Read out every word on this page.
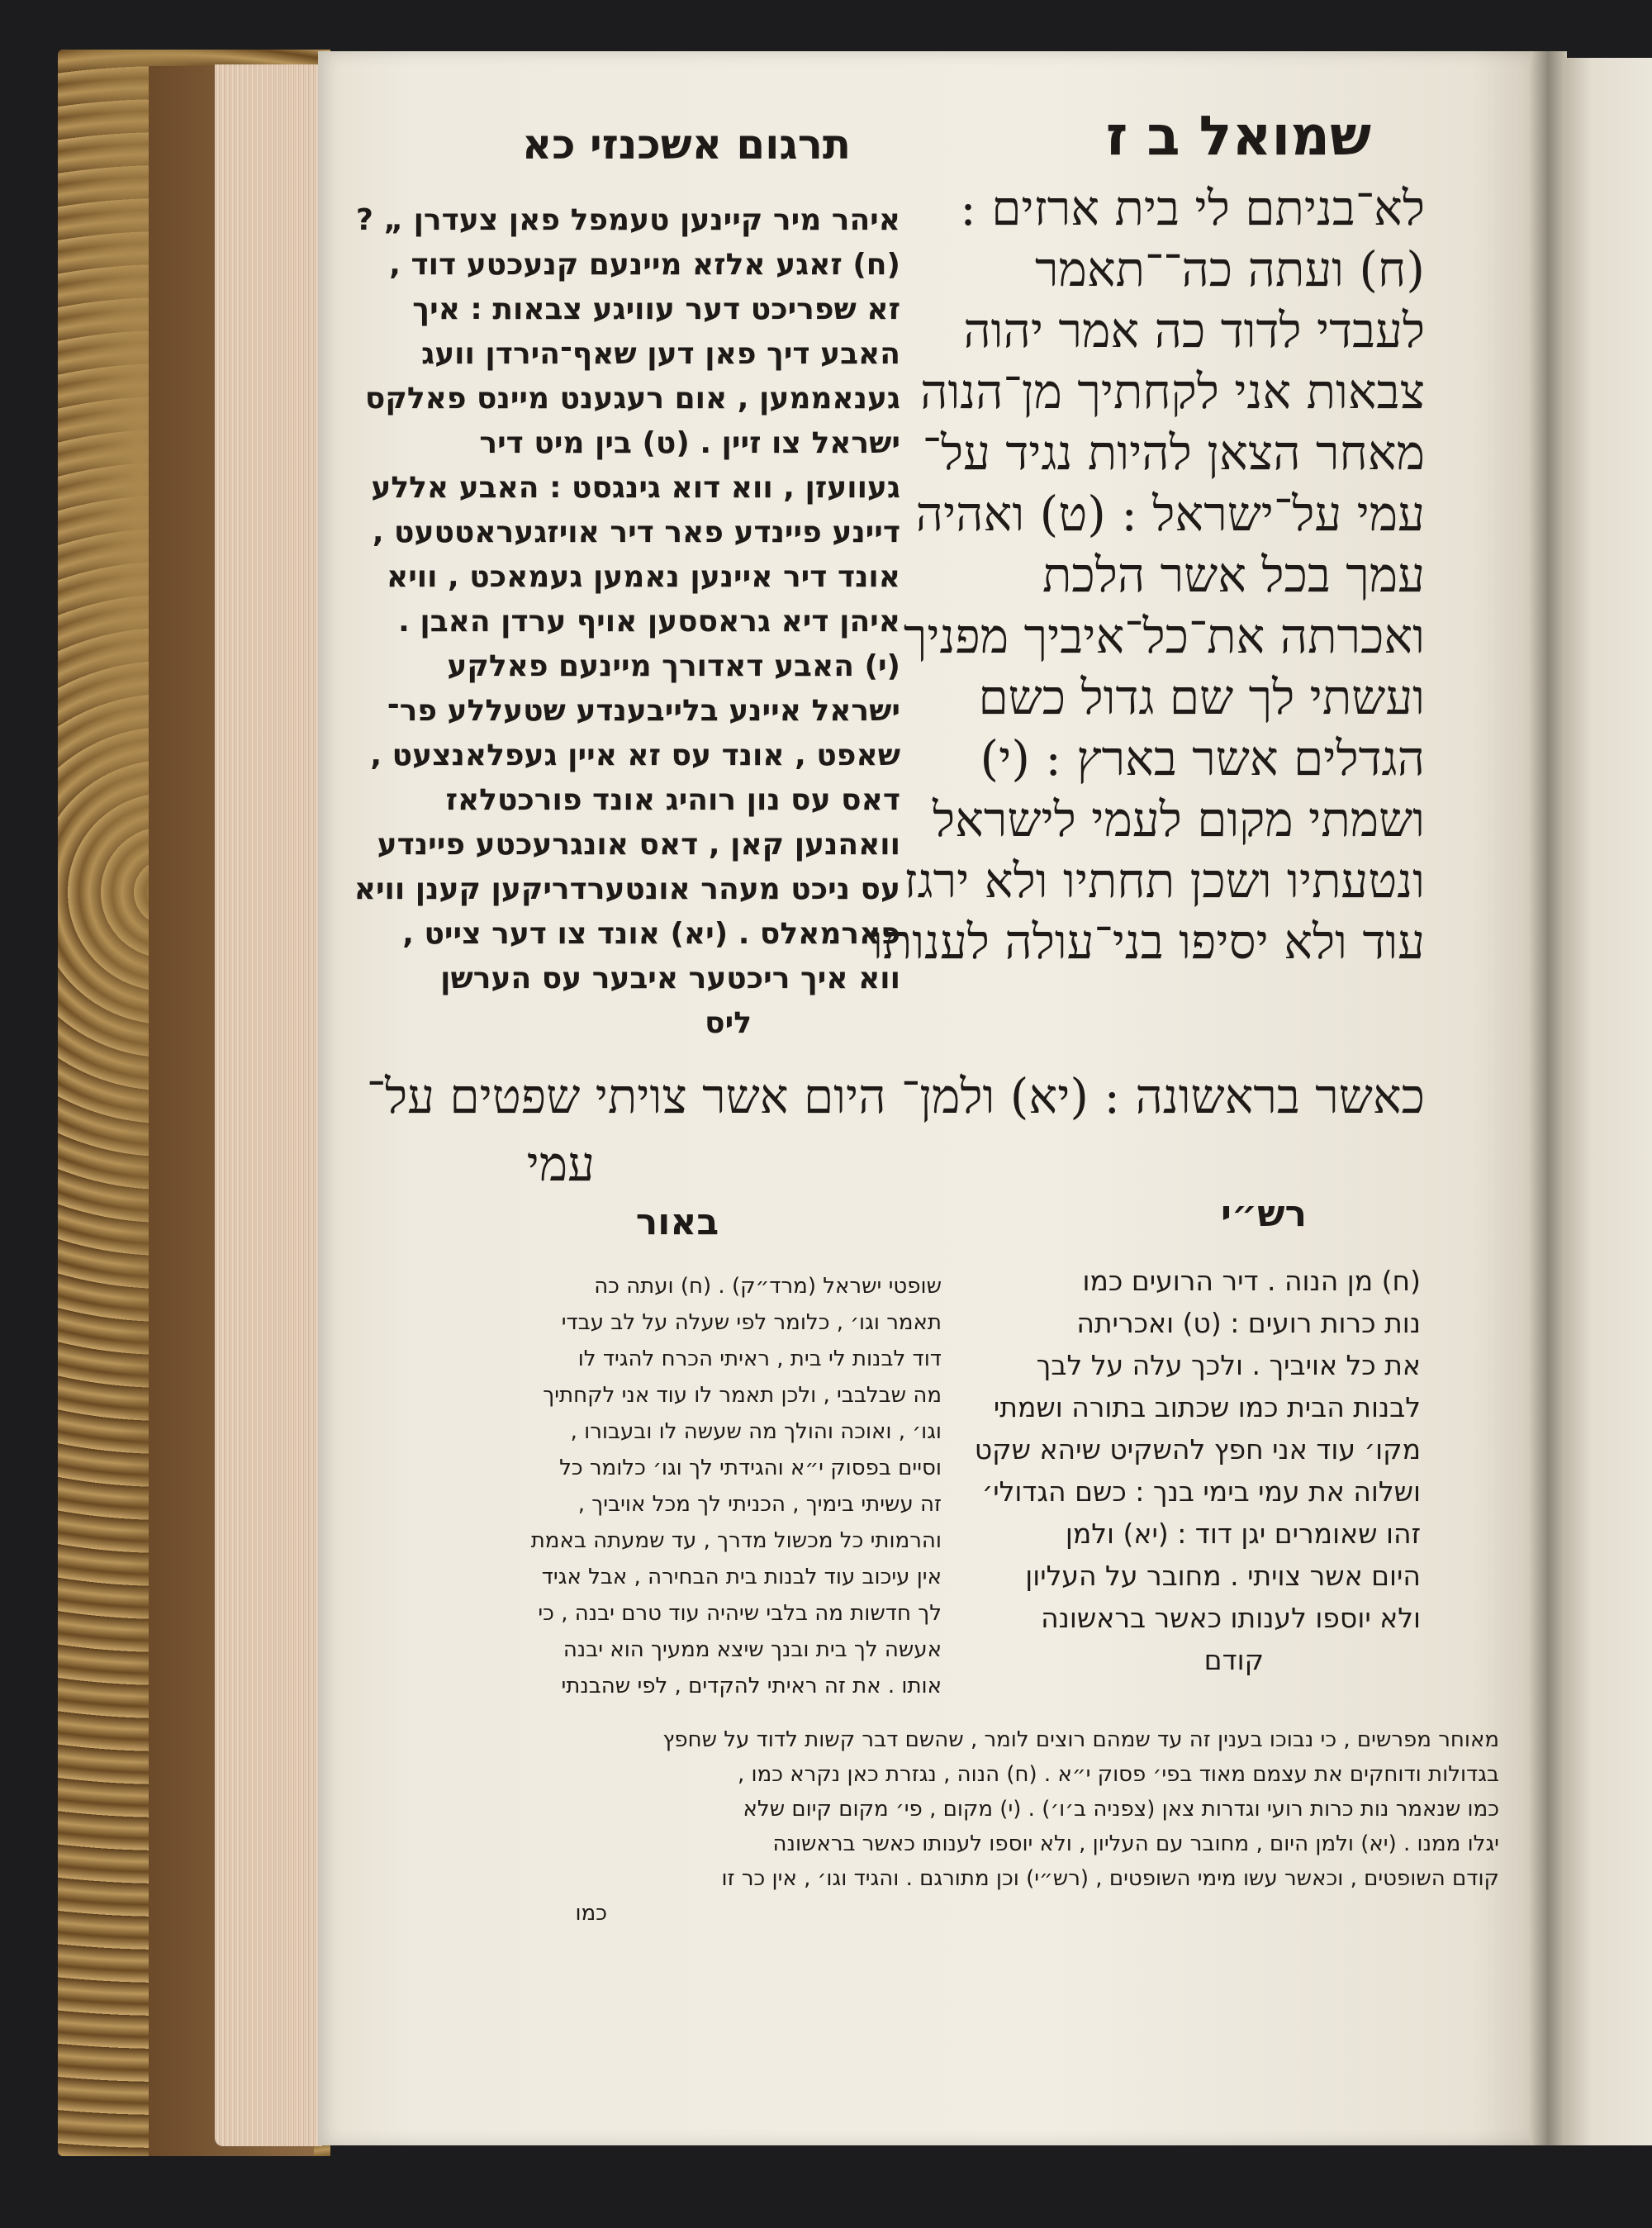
שמואל ב ז
תרגום אשכנזי כא
לא־בניתם לי בית ארזים :
(ח) ועתה כה־־תאמר
לעבדי לדוד כה אמר יהוה
צבאות אני לקחתיך מן־הנוה
מאחר הצאן להיות נגיד על־
עמי על־ישראל : (ט) ואהיה
עמך בכל אשר הלכת
ואכרתה את־כל־איביך מפניך
ועשתי לך שם גדול כשם
הגדלים אשר בארץ : (י)
ושמתי מקום לעמי לישראל
ונטעתיו ושכן תחתיו ולא ירגז
עוד ולא יסיפו בני־עולה לענותו
כאשר בראשונה : (יא) ולמן־ היום אשר צויתי שפטים על־
עמי
איהר מיר קיינען טעמפל פאן צעדרן „ ?
(ח) זאגע אלזא מיינעם קנעכטע דוד ,
זא שפריכט דער עוויגע צבאות : איך
האבע דיך פאן דען שאף־הירדן וועג
גענאממען , אום רעגענט מיינס פאלקס
ישראל צו זיין . (ט) בין מיט דיר
געוועזן , ווא דוא גינגסט : האבע אללע
דיינע פיינדע פאר דיר אויזגעראטטעט ,
אונד דיר איינען נאמען געמאכט , וויא
איהן דיא גראססען אויף ערדן האבן .
(י) האבע דאדורך מיינעם פאלקע
ישראל איינע בלייבענדע שטעללע פר־
שאפט , אונד עס זא איין געפלאנצעט ,
דאס עס נון רוהיג אונד פורכטלאז
וואהנען קאן , דאס אונגרעכטע פיינדע
עס ניכט מעהר אונטערדריקען קענן וויא
פארמאלס . (יא) אונד צו דער צייט ,
ווא איך ריכטער איבער עס הערשן
ליס
רש״י
באור
(ח) מן הנוה . דיר הרועים כמו
נות כרות רועים : (ט) ואכריתה
את כל אויביך . ולכך עלה על לבך
לבנות הבית כמו שכתוב בתורה ושמתי
מקו׳ עוד אני חפץ להשקיט שיהא שקט
ושלוה את עמי בימי בנך : כשם הגדולי׳
זהו שאומרים יגן דוד : (יא) ולמן
היום אשר צויתי . מחובר על העליון
ולא יוספו לענותו כאשר בראשונה
קודם
שופטי ישראל (מרד״ק) . (ח) ועתה כה
תאמר וגו׳ , כלומר לפי שעלה על לב עבדי
דוד לבנות לי בית , ראיתי הכרח להגיד לו
מה שבלבבי , ולכן תאמר לו עוד אני לקחתיך
וגו׳ , ואוכה והולך מה שעשה לו ובעבורו ,
וסיים בפסוק י״א והגידתי לך וגו׳ כלומר כל
זה עשיתי בימיך , הכניתי לך מכל אויביך ,
והרמותי כל מכשול מדרך , עד שמעתה באמת
אין עיכוב עוד לבנות בית הבחירה , אבל אגיד
לך חדשות מה בלבי שיהיה עוד טרם יבנה , כי
אעשה לך בית ובנך שיצא ממעיך הוא יבנה
אותו . את זה ראיתי להקדים , לפי שהבנתי
מאוחר מפרשים , כי נבוכו בענין זה עד שמהם רוצים לומר , שהשם דבר קשות לדוד על שחפץ
בגדולות ודוחקים את עצמם מאוד בפי׳ פסוק י״א . (ח) הנוה , נגזרת כאן נקרא כמו ,
כמו שנאמר נות כרות רועי וגדרות צאן (צפניה ב׳ו׳) . (י) מקום , פי׳ מקום קיום שלא
יגלו ממנו . (יא) ולמן היום , מחובר עם העליון , ולא יוספו לענותו כאשר בראשונה
קודם השופטים , וכאשר עשו מימי השופטים , (רש״י) וכן מתורגם . והגיד וגו׳ , אין כר זו
כמו
